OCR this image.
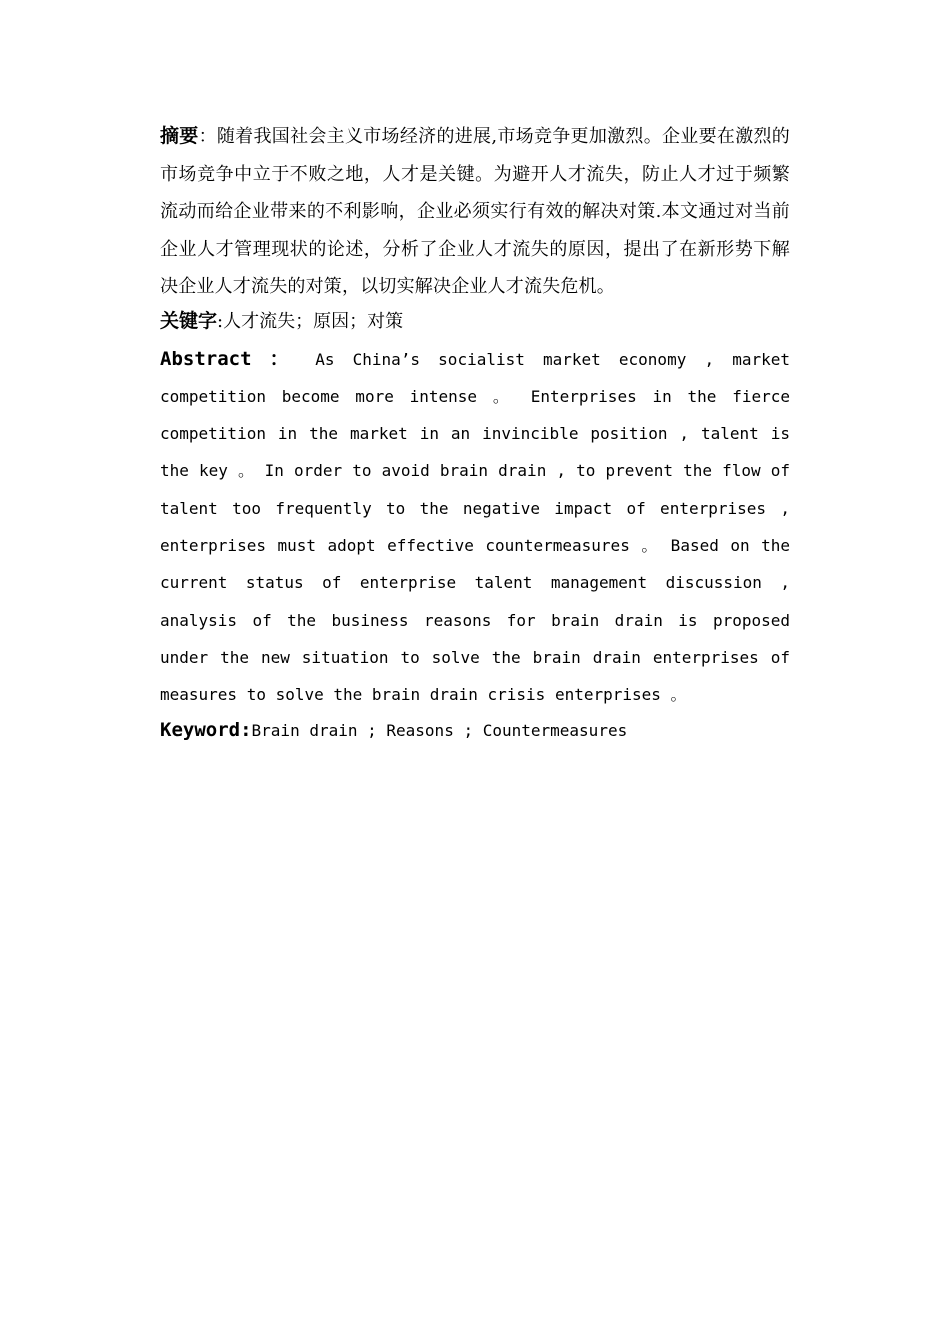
摘要：随着我国社会主义市场经济的进展,市场竞争更加激烈。企业要在激烈的市场竞争中立于不败之地，人才是关键。为避开人才流失，防止人才过于频繁流动而给企业带来的不利影响，企业必须实行有效的解决对策.本文通过对当前企业人才管理现状的论述，分析了企业人才流失的原因，提出了在新形势下解决企业人才流失的对策，以切实解决企业人才流失危机。

关键字:人才流失；原因；对策

Abstract ： As China’s socialist market economy , market competition become more intense 。 Enterprises in the fierce competition in the market in an invincible position , talent is the key 。 In order to avoid brain drain , to prevent the flow of talent too frequently to the negative impact of enterprises , enterprises must adopt effective countermeasures 。 Based on the current status of enterprise talent management discussion , analysis of the business reasons for brain drain is proposed under the new situation to solve the brain drain enterprises of measures to solve the brain drain crisis enterprises 。

Keyword:Brain drain ; Reasons ; Countermeasures
